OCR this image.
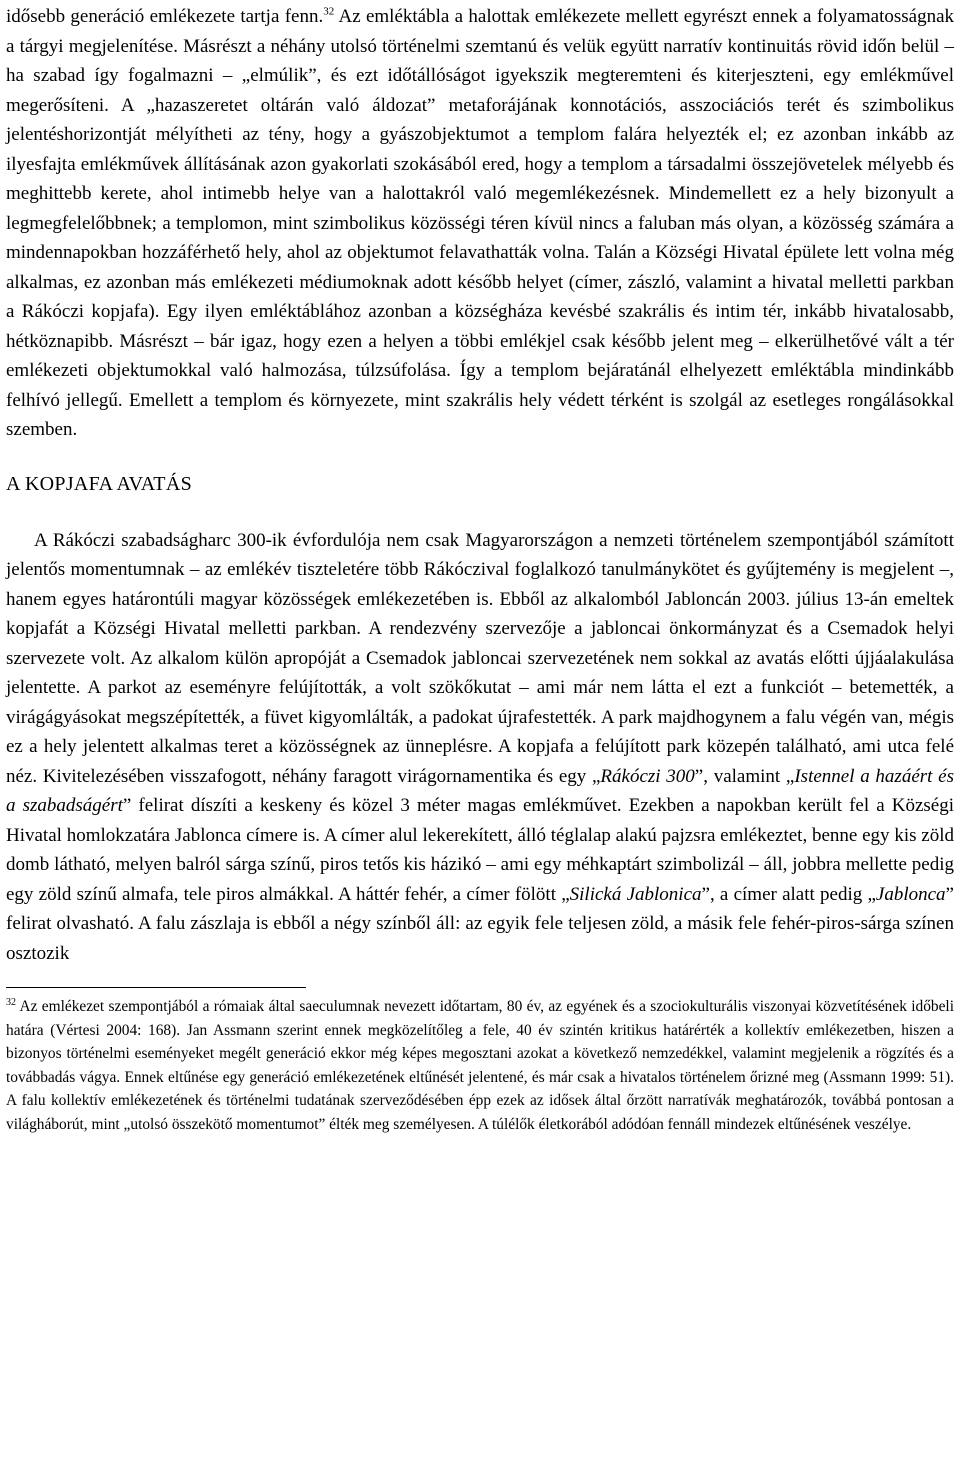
idősebb generáció emlékezete tartja fenn.$^{32}$ Az emléktábla a halottak emlékezete mellett egyrészt ennek a folyamatosságnak a tárgyi megjelenítése. Másrészt a néhány utolsó történelmi szemtanú és velük együtt narratív kontinuitás rövid időn belül – ha szabad így fogalmazni – „elmúlik”, és ezt időtállóságot igyekszik megteremteni és kiterjeszteni, egy emlékművel megerősíteni. A „hazaszeretet oltárán való áldozat” metaforájának konnotációs, asszociációs terét és szimbolikus jelentéshorizontját mélyítheti az tény, hogy a gyászobjektumot a templom falára helyezték el; ez azonban inkább az ilyesfajta emlékművek állításának azon gyakorlati szokásából ered, hogy a templom a társadalmi összejövetelek mélyebb és meghittebb kerete, ahol intimebb helye van a halottakról való megemlékezésnek. Mindemellett ez a hely bizonyult a legmegfelelőbbnek; a templomon, mint szimbolikus közösségi téren kívül nincs a faluban más olyan, a közösség számára a mindennapokban hozzáférhető hely, ahol az objektumot felavathatták volna. Talán a Községi Hivatal épülete lett volna még alkalmas, ez azonban más emlékezeti médiumoknak adott később helyet (címer, zászló, valamint a hivatal melletti parkban a Rákóczi kopjafa). Egy ilyen emléktáblához azonban a községháza kevésbé szakrális és intim tér, inkább hivatalosabb, hétköznapibb. Másrészt – bár igaz, hogy ezen a helyen a többi emlékjel csak később jelent meg – elkerülhetővé vált a tér emlékezeti objektumokkal való halmozása, túlzsúfolása. Így a templom bejáratánál elhelyezett emléktábla mindinkább felhívó jellegű. Emellett a templom és környezete, mint szakrális hely védett térként is szolgál az esetleges rongálásokkal szemben.

A KOPJAFA AVATÁS

A Rákóczi szabadságharc 300-ik évfordulója nem csak Magyarországon a nemzeti történelem szempontjából számított jelentős momentumnak – az emlékév tiszteletére több Rákóczival foglalkozó tanulmánykötet és gyűjtemény is megjelent –, hanem egyes határontúli magyar közösségek emlékezetében is. Ebből az alkalomból Jabloncán 2003. július 13-án emeltek kopjafát a Községi Hivatal melletti parkban. A rendezvény szervezője a jabloncai önkormányzat és a Csemadok helyi szervezete volt. Az alkalom külön apropóját a Csemadok jabloncai szervezetének nem sokkal az avatás előtti újjáalakulása jelentette. A parkot az eseményre felújították, a volt szökőkutat – ami már nem látta el ezt a funkciót – betemették, a virágágyásokat megszépítették, a füvet kigyomlálták, a padokat újrafestették. A park majdhogynem a falu végén van, mégis ez a hely jelentett alkalmas teret a közösségnek az ünneplésre. A kopjafa a felújított park közepén található, ami utca felé néz. Kivitelezésében visszafogott, néhány faragott virágornamentika és egy „Rákóczi 300”, valamint „Istennel a hazáért és a szabadságért” felirat díszíti a keskeny és közel 3 méter magas emlékművet. Ezekben a napokban került fel a Községi Hivatal homlokzatára Jablonca címere is. A címer alul lekerekített, álló téglalap alakú pajzsra emlékeztet, benne egy kis zöld domb látható, melyen balról sárga színű, piros tetős kis házikó – ami egy méhkaptárt szimbolizál – áll, jobbra mellette pedig egy zöld színű almafa, tele piros almákkal. A háttér fehér, a címer fölött „Silická Jablonica”, a címer alatt pedig „Jablonca” felirat olvasható. A falu zászlaja is ebből a négy színből áll: az egyik fele teljesen zöld, a másik fele fehér-piros-sárga színen osztozik

$^{32}$ Az emlékezet szempontjából a rómaiak által saeculumnak nevezett időtartam, 80 év, az egyének és a szociokulturális viszonyai közvetítésének időbeli határa (Vértesi 2004: 168). Jan Assmann szerint ennek megközelítőleg a fele, 40 év szintén kritikus határérték a kollektív emlékezetben, hiszen a bizonyos történelmi eseményeket megélt generáció ekkor még képes megosztani azokat a következő nemzedékkel, valamint megjelenik a rögzítés és a továbbadás vágya. Ennek eltűnése egy generáció emlékezetének eltűnését jelentené, és már csak a hivatalos történelem őrizné meg (Assmann 1999: 51). A falu kollektív emlékezetének és történelmi tudatának szerveződésében épp ezek az idősek által őrzött narratívák meghatározók, továbbá pontosan a világháborút, mint „utolsó összekötő momentumot” élték meg személyesen. A túlélők életkorából adódóan fennáll mindezek eltűnésének veszélye.
